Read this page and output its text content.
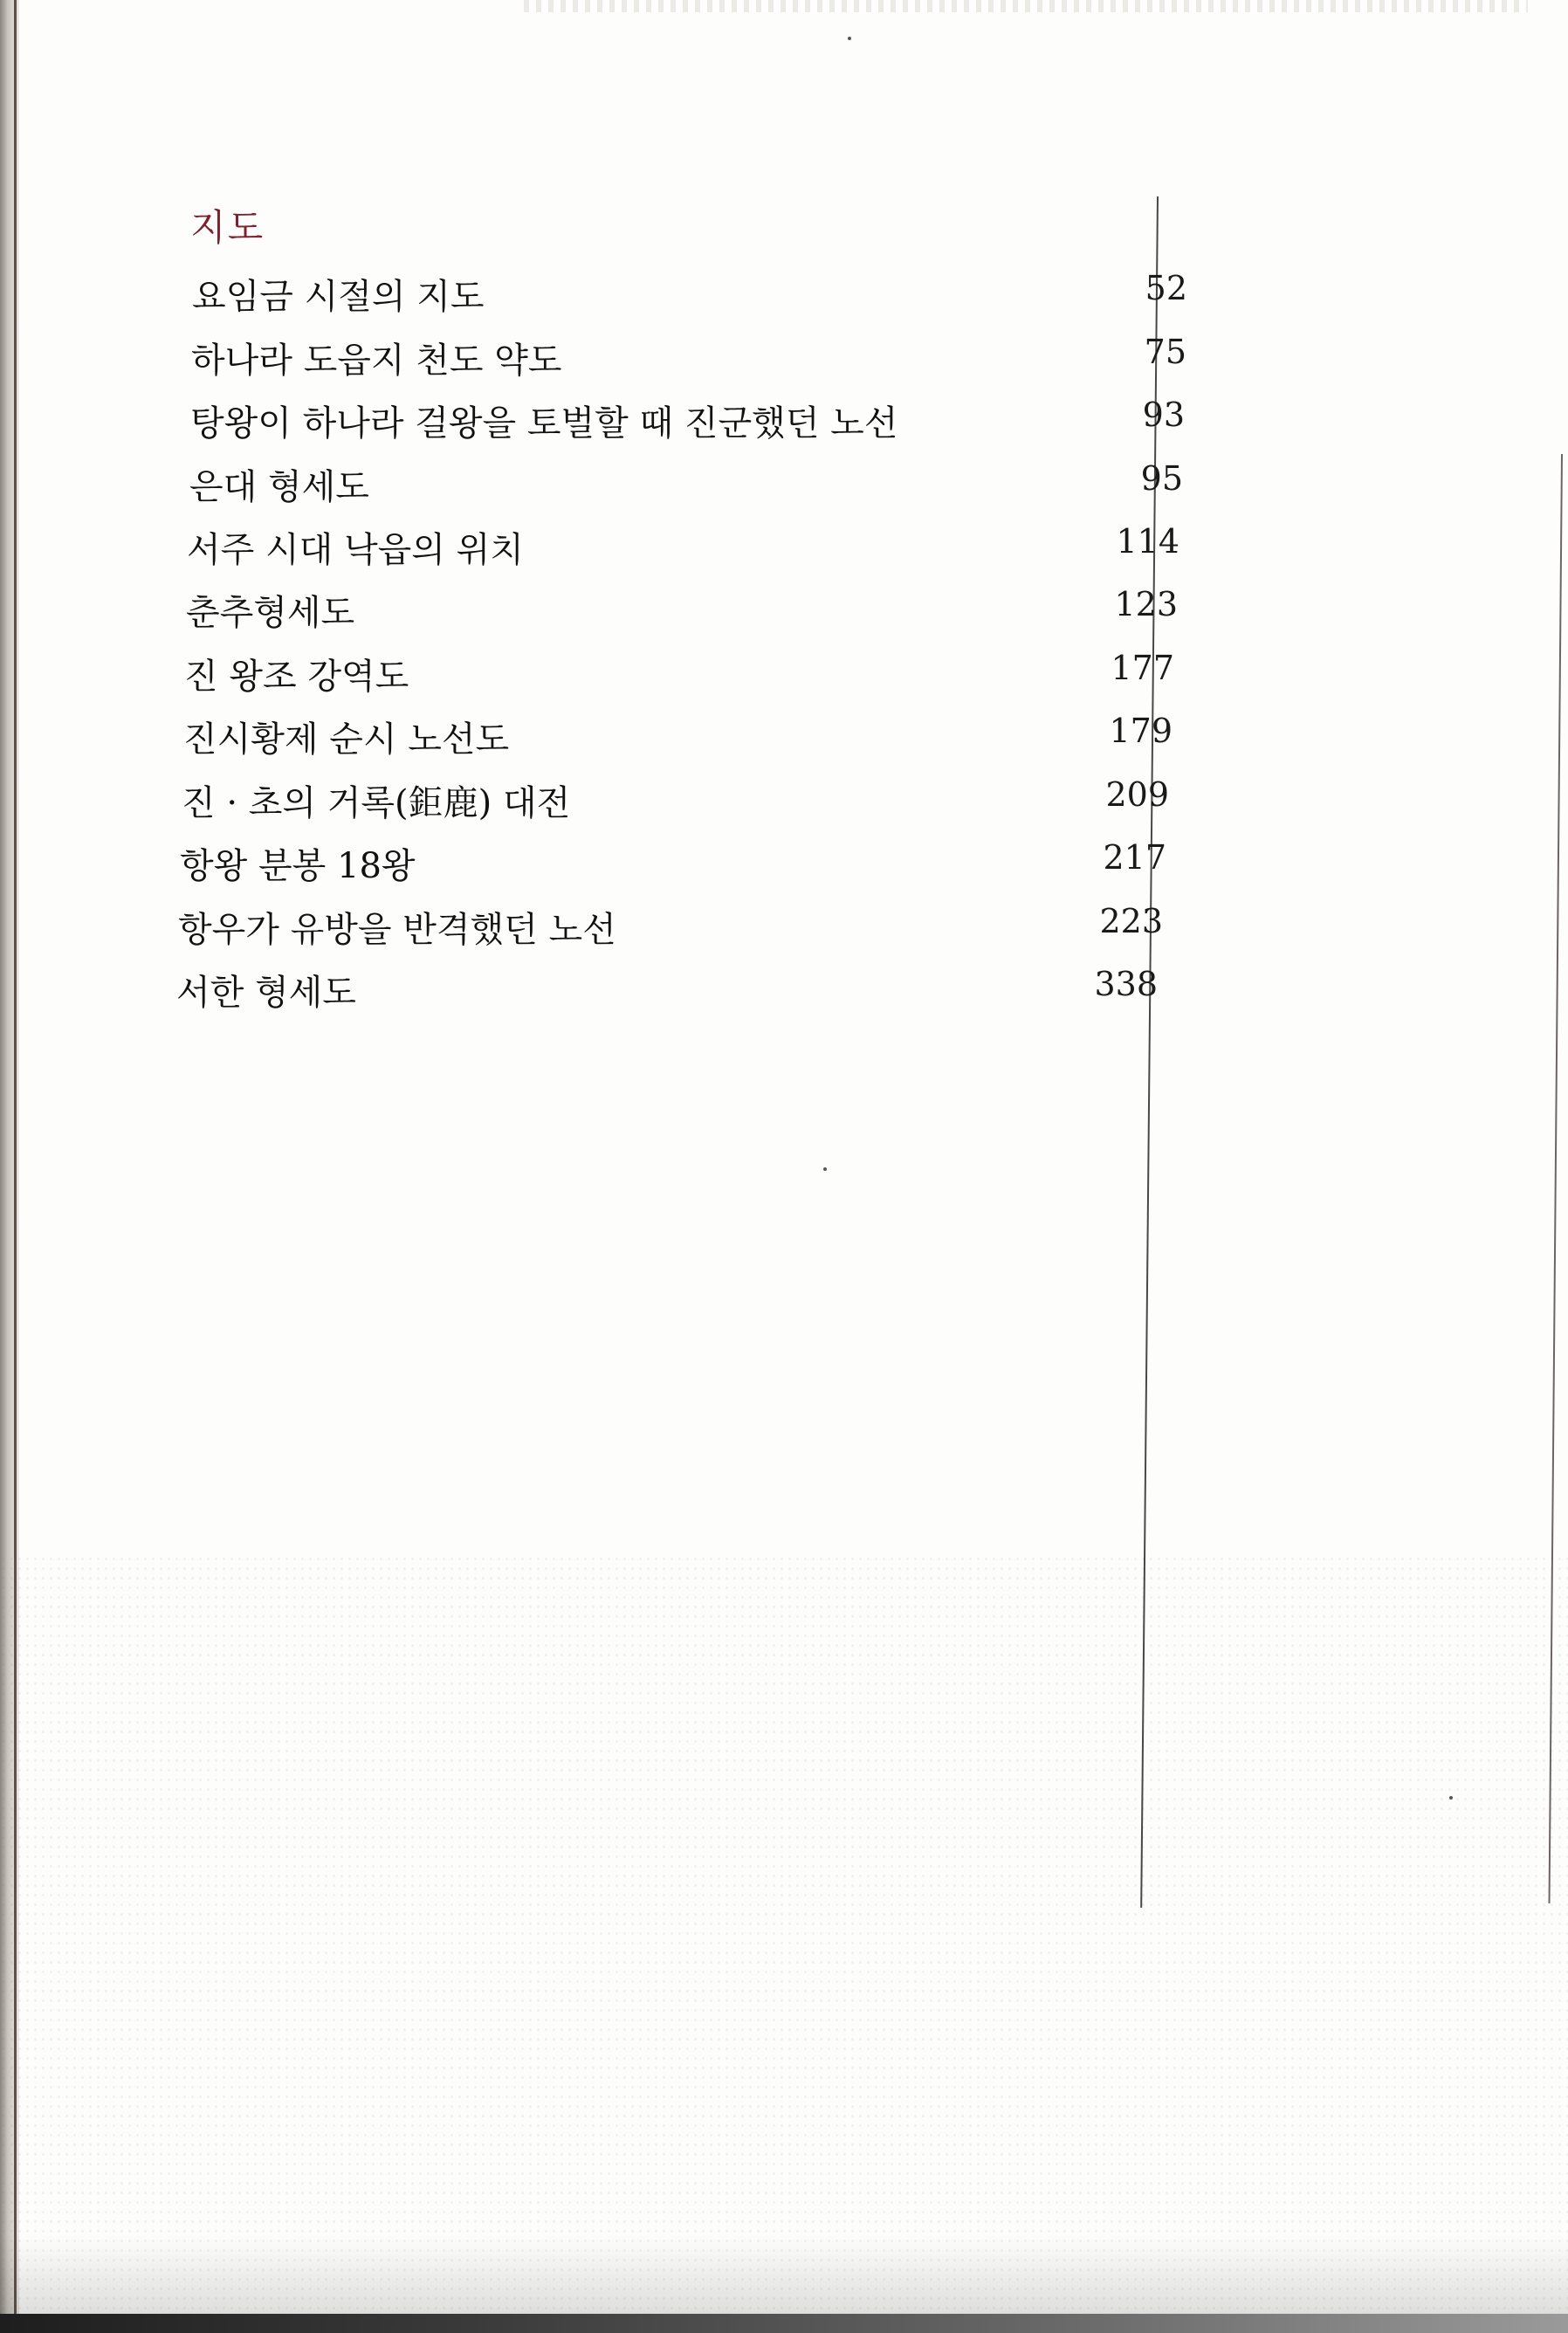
지도
요임금 시절의 지도	52
하나라 도읍지 천도 약도	75
탕왕이 하나라 걸왕을 토벌할 때 진군했던 노선	93
은대 형세도	95
서주 시대 낙읍의 위치	114
춘추형세도	123
진 왕조 강역도	177
진시황제 순시 노선도	179
진 · 초의 거록(鉅鹿) 대전	209
항왕 분봉 18왕	217
항우가 유방을 반격했던 노선	223
서한 형세도	338
